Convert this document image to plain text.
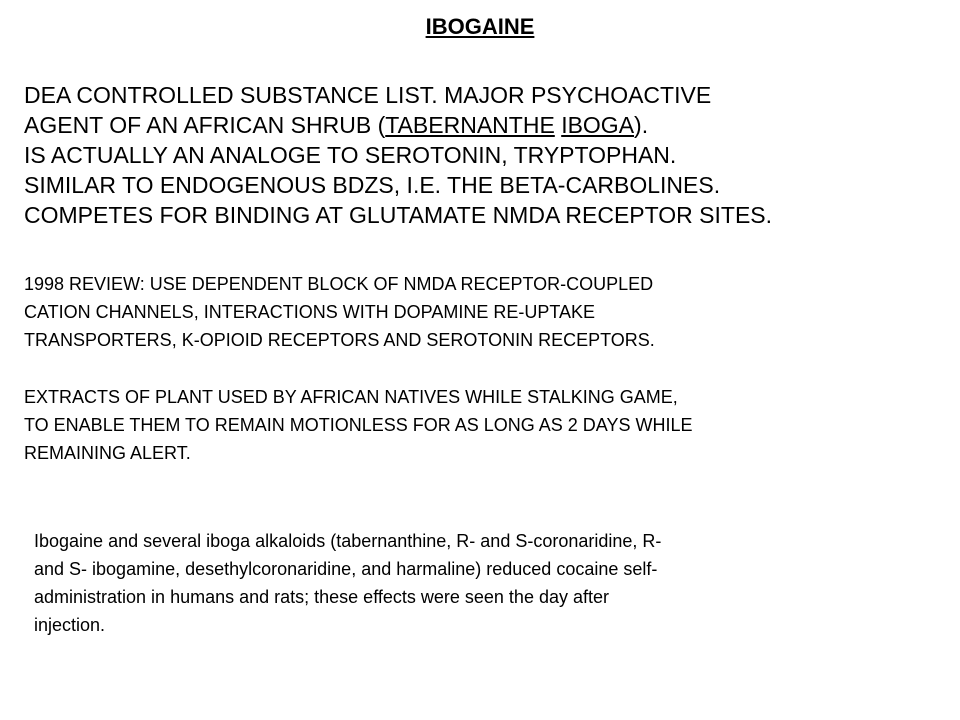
IBOGAINE
DEA CONTROLLED SUBSTANCE LIST. MAJOR PSYCHOACTIVE
AGENT OF AN AFRICAN SHRUB (TABERNANTHE IBOGA).
IS ACTUALLY AN ANALOGE TO SEROTONIN, TRYPTOPHAN.
SIMILAR TO ENDOGENOUS BDZS, I.E. THE BETA-CARBOLINES.
COMPETES FOR BINDING AT GLUTAMATE NMDA RECEPTOR SITES.
1998 REVIEW: USE DEPENDENT BLOCK OF NMDA RECEPTOR-COUPLED
CATION CHANNELS, INTERACTIONS WITH DOPAMINE RE-UPTAKE
TRANSPORTERS, K-OPIOID RECEPTORS AND SEROTONIN RECEPTORS.
EXTRACTS OF PLANT USED BY AFRICAN NATIVES WHILE STALKING GAME,
TO ENABLE THEM TO REMAIN MOTIONLESS FOR AS LONG AS 2 DAYS WHILE
REMAINING ALERT.
Ibogaine and several iboga alkaloids (tabernanthine, R- and S-coronaridine, R-
and S- ibogamine, desethylcoronaridine, and harmaline) reduced cocaine self-
administration in humans and rats; these effects were seen the day after
injection.
